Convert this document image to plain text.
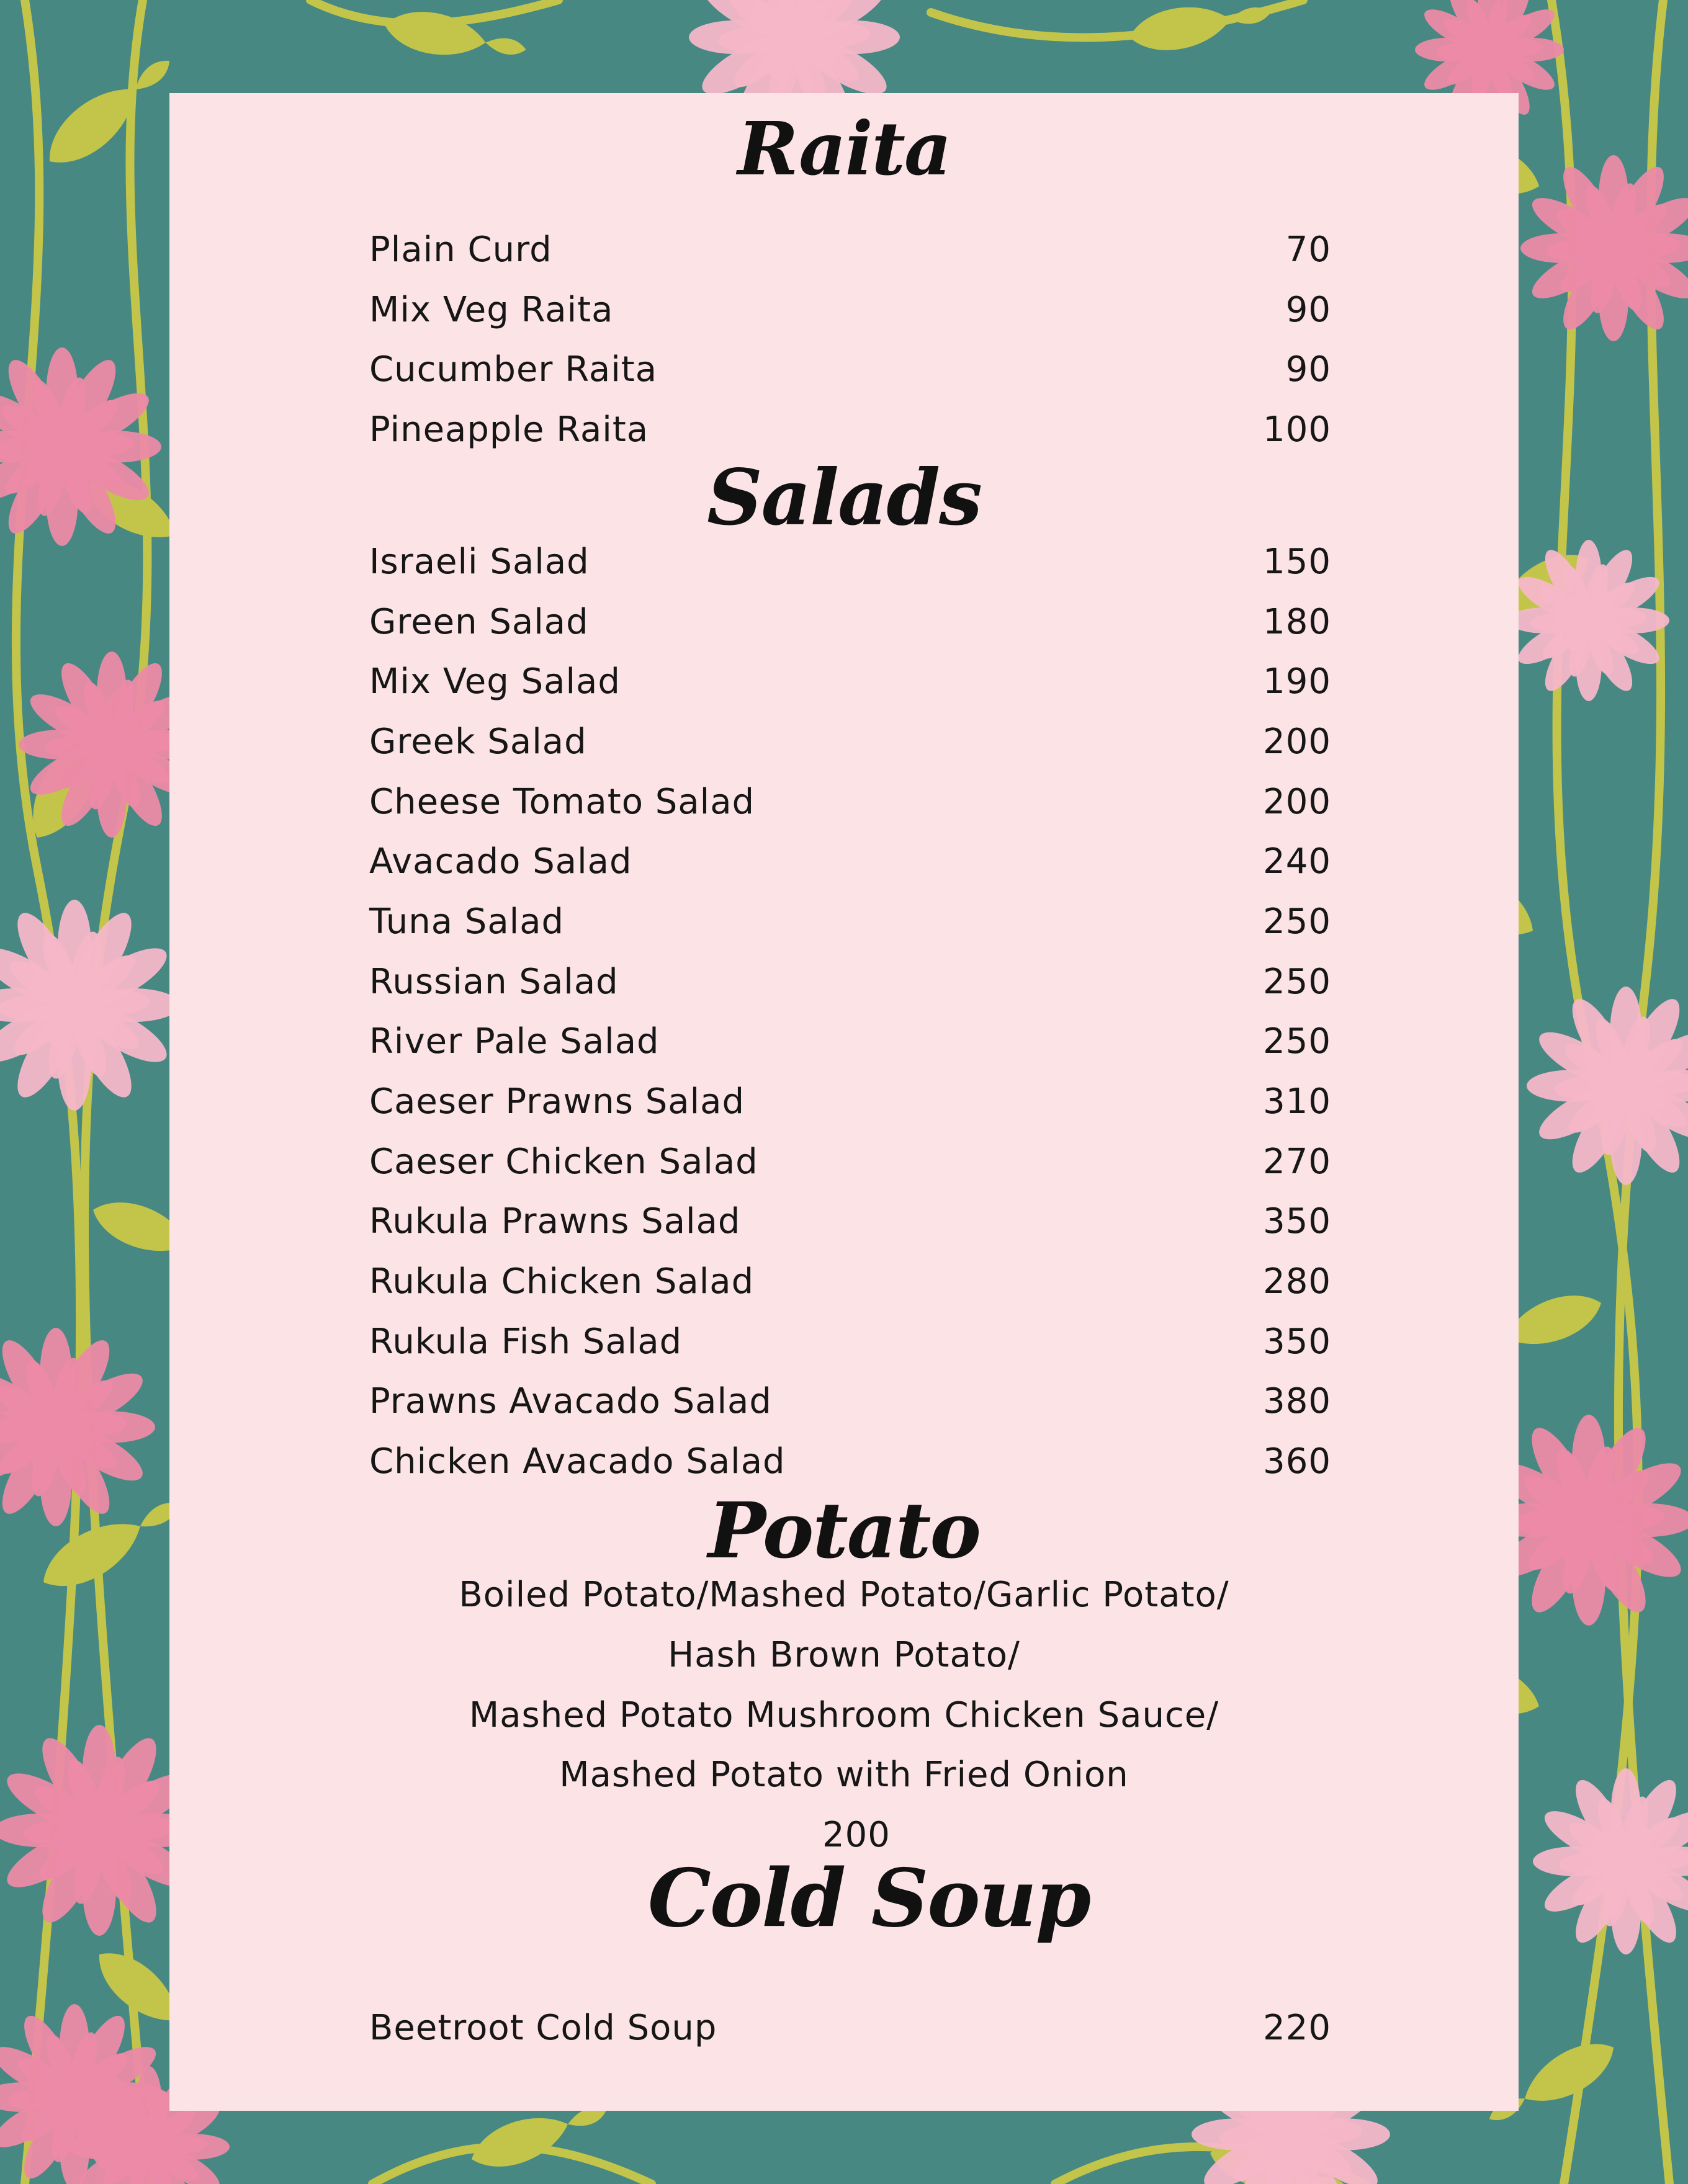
Raita
Plain Curd	70
Mix Veg Raita	90
Cucumber Raita	90
Pineapple Raita	100
Salads
Israeli Salad	150
Green Salad	180
Mix Veg Salad	190
Greek Salad	200
Cheese Tomato Salad	200
Avacado Salad	240
Tuna Salad	250
Russian Salad	250
River Pale Salad	250
Caeser Prawns Salad	310
Caeser Chicken Salad	270
Rukula Prawns Salad	350
Rukula Chicken Salad	280
Rukula Fish Salad	350
Prawns Avacado Salad	380
Chicken Avacado Salad	360
Potato
Boiled Potato/Mashed Potato/Garlic Potato/
Hash Brown Potato/
Mashed Potato Mushroom Chicken Sauce/
Mashed Potato with Fried Onion
200
Cold Soup
Beetroot Cold Soup	220
